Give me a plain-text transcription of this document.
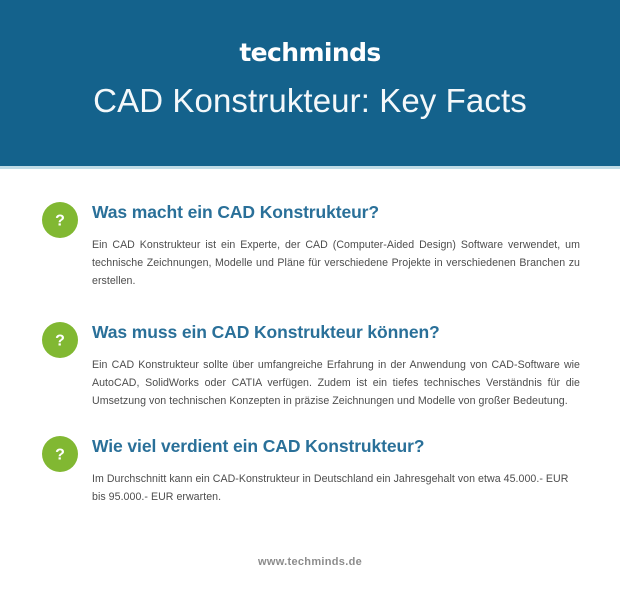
techminds
CAD Konstrukteur: Key Facts
? Was macht ein CAD Konstrukteur?

Ein CAD Konstrukteur ist ein Experte, der CAD (Computer-Aided Design) Software verwendet, um technische Zeichnungen, Modelle und Pläne für verschiedene Projekte in verschiedenen Branchen zu erstellen.

? Was muss ein CAD Konstrukteur können?

Ein CAD Konstrukteur sollte über umfangreiche Erfahrung in der Anwendung von CAD-Software wie AutoCAD, SolidWorks oder CATIA verfügen. Zudem ist ein tiefes technisches Verständnis für die Umsetzung von technischen Konzepten in präzise Zeichnungen und Modelle von großer Bedeutung.

? Wie viel verdient ein CAD Konstrukteur?

Im Durchschnitt kann ein CAD-Konstrukteur in Deutschland ein Jahresgehalt von etwa 45.000.- EUR bis 95.000.- EUR erwarten.

www.techminds.de
